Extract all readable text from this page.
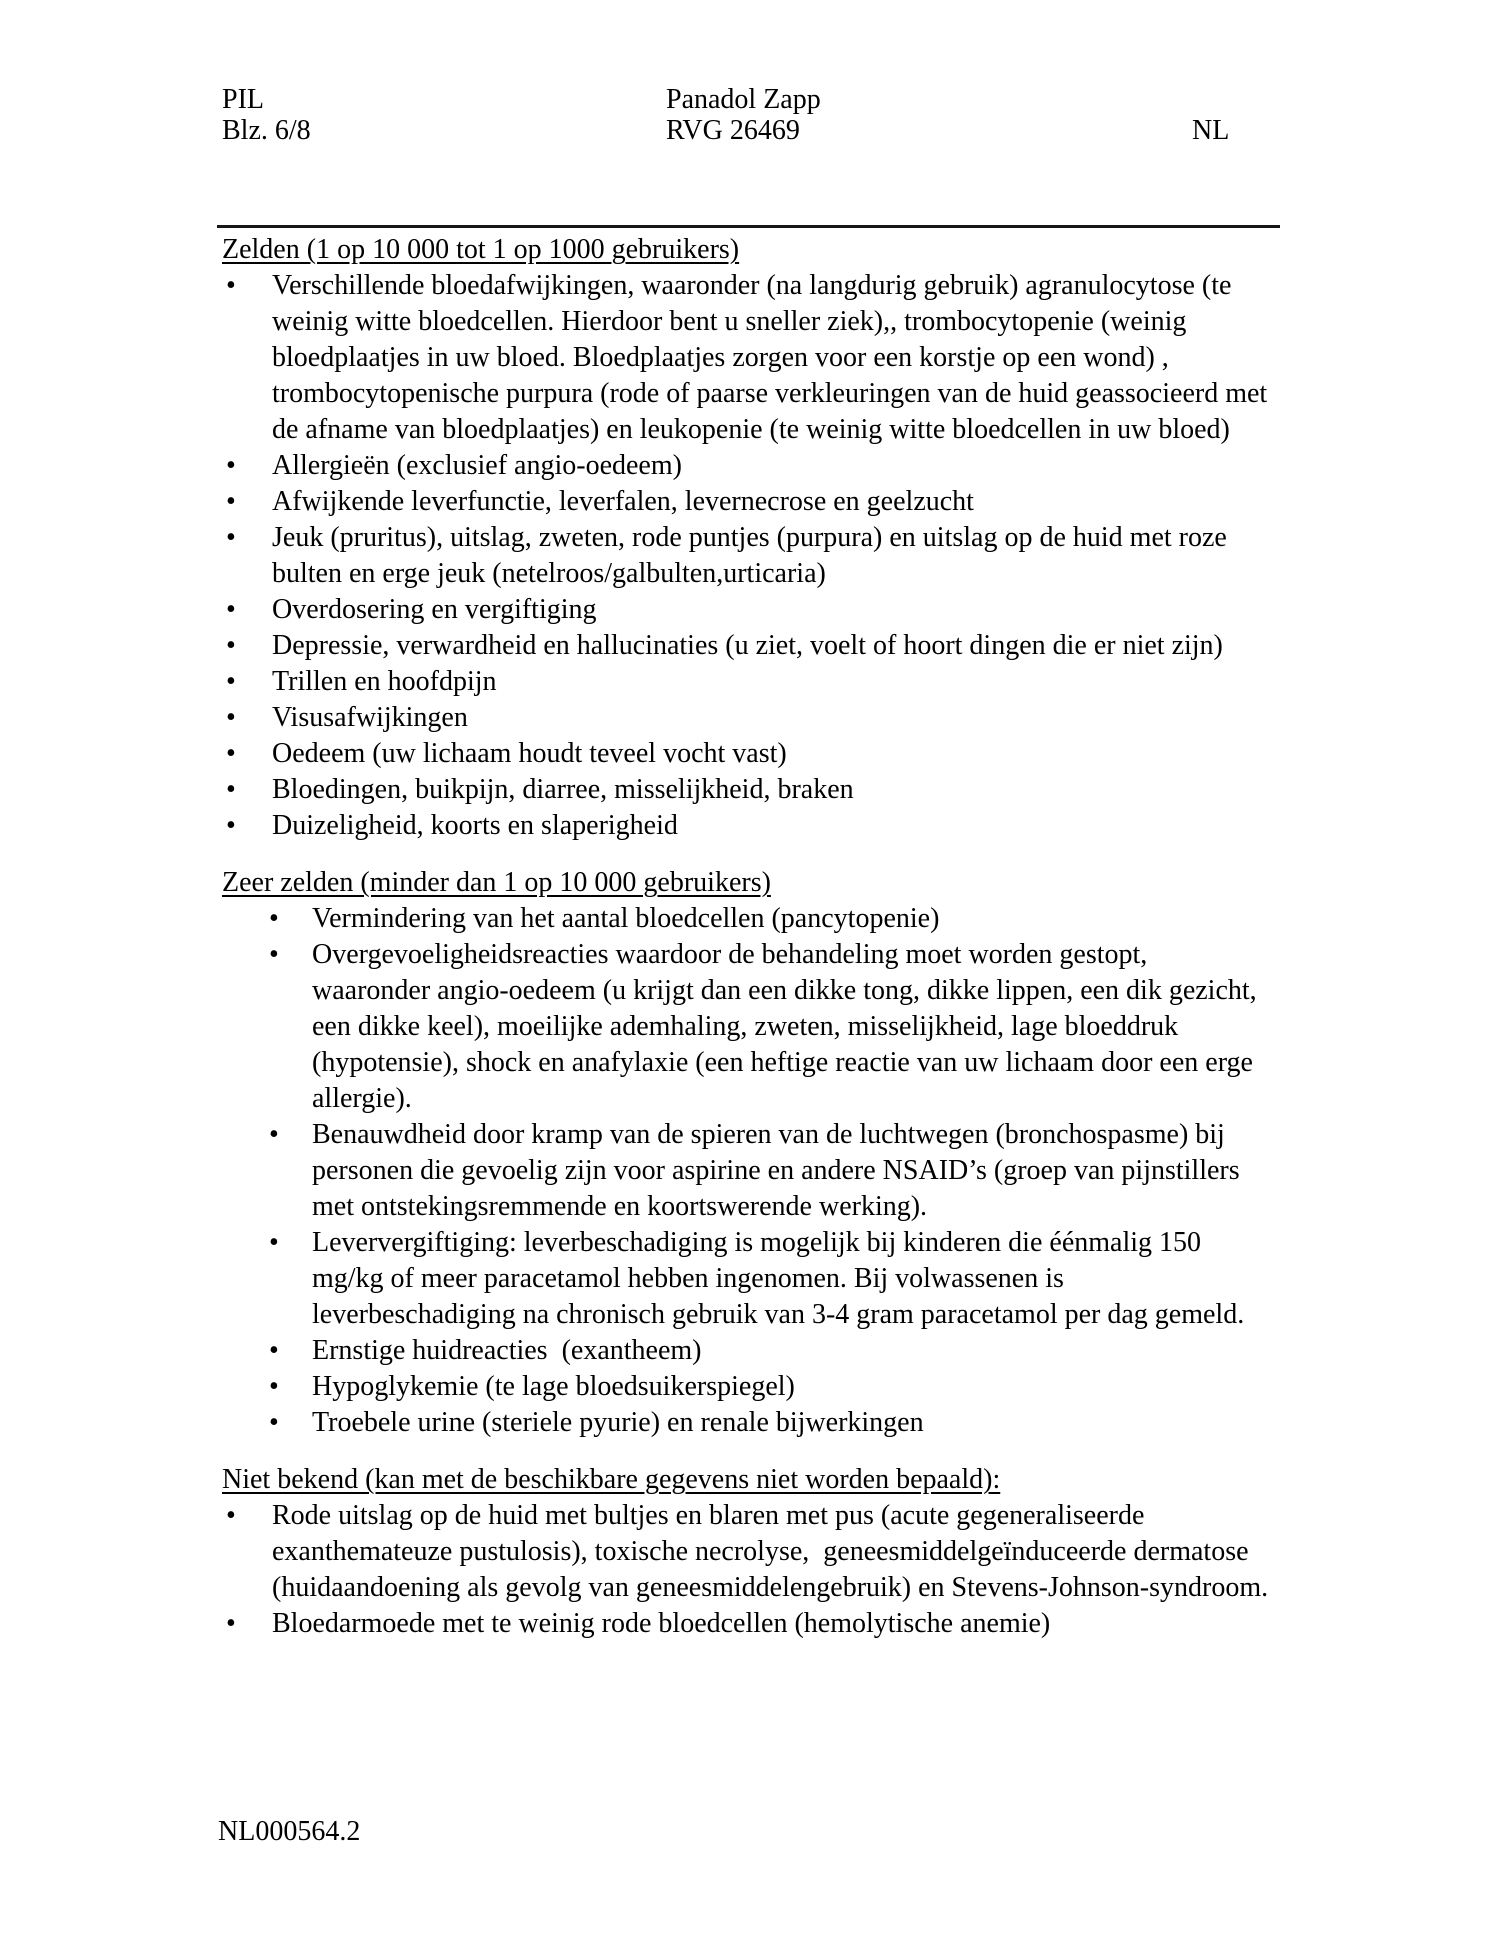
PIL
Blz. 6/8
Panadol Zapp
RVG 26469	NL
Zelden (1 op 10 000 tot 1 op 1000 gebruikers)
• Verschillende bloedafwijkingen, waaronder (na langdurig gebruik) agranulocytose (te weinig witte bloedcellen. Hierdoor bent u sneller ziek),, trombocytopenie (weinig bloedplaatjes in uw bloed. Bloedplaatjes zorgen voor een korstje op een wond) , trombocytopenische purpura (rode of paarse verkleuringen van de huid geassocieerd met de afname van bloedplaatjes) en leukopenie (te weinig witte bloedcellen in uw bloed)
• Allergieën (exclusief angio-oedeem)
• Afwijkende leverfunctie, leverfalen, levernecrose en geelzucht
• Jeuk (pruritus), uitslag, zweten, rode puntjes (purpura) en uitslag op de huid met roze bulten en erge jeuk (netelroos/galbulten,urticaria)
• Overdosering en vergiftiging
• Depressie, verwardheid en hallucinaties (u ziet, voelt of hoort dingen die er niet zijn)
• Trillen en hoofdpijn
• Visusafwijkingen
• Oedeem (uw lichaam houdt teveel vocht vast)
• Bloedingen, buikpijn, diarree, misselijkheid, braken
• Duizeligheid, koorts en slaperigheid
Zeer zelden (minder dan 1 op 10 000 gebruikers)
• Vermindering van het aantal bloedcellen (pancytopenie)
• Overgevoeligheidsreacties waardoor de behandeling moet worden gestopt, waaronder angio-oedeem (u krijgt dan een dikke tong, dikke lippen, een dik gezicht, een dikke keel), moeilijke ademhaling, zweten, misselijkheid, lage bloeddruk (hypotensie), shock en anafylaxie (een heftige reactie van uw lichaam door een erge allergie).
• Benauwdheid door kramp van de spieren van de luchtwegen (bronchospasme) bij personen die gevoelig zijn voor aspirine en andere NSAID’s (groep van pijnstillers met ontstekingsremmende en koortswerende werking).
• Leververgiftiging: leverbeschadiging is mogelijk bij kinderen die éénmalig 150 mg/kg of meer paracetamol hebben ingenomen. Bij volwassenen is leverbeschadiging na chronisch gebruik van 3-4 gram paracetamol per dag gemeld.
• Ernstige huidreacties  (exantheem)
• Hypoglykemie (te lage bloedsuikerspiegel)
• Troebele urine (steriele pyurie) en renale bijwerkingen
Niet bekend (kan met de beschikbare gegevens niet worden bepaald):
• Rode uitslag op de huid met bultjes en blaren met pus (acute gegeneraliseerde exanthemateuze pustulosis), toxische necrolyse,  geneesmiddelgeïnduceerde dermatose (huidaandoening als gevolg van geneesmiddelengebruik) en Stevens-Johnson-syndroom.
• Bloedarmoede met te weinig rode bloedcellen (hemolytische anemie)
NL000564.2
